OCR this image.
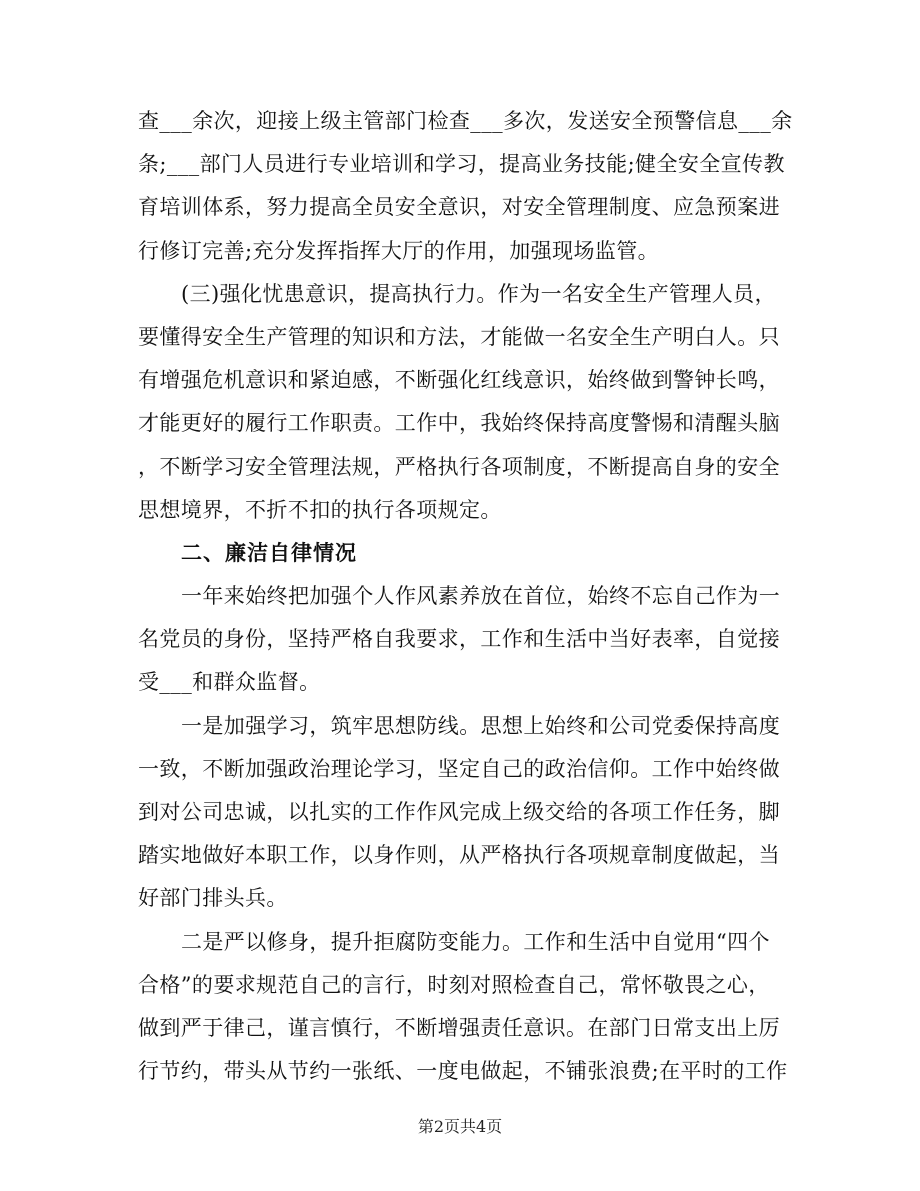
查___余次，迎接上级主管部门检查___多次，发送安全预警信息___余
条;___部门人员进行专业培训和学习，提高业务技能;健全安全宣传教
育培训体系，努力提高全员安全意识，对安全管理制度、应急预案进
行修订完善;充分发挥指挥大厅的作用，加强现场监管。
(三)强化忧患意识，提高执行力。作为一名安全生产管理人员，
要懂得安全生产管理的知识和方法，才能做一名安全生产明白人。只
有增强危机意识和紧迫感，不断强化红线意识，始终做到警钟长鸣，
才能更好的履行工作职责。工作中，我始终保持高度警惕和清醒头脑
，不断学习安全管理法规，严格执行各项制度，不断提高自身的安全
思想境界，不折不扣的执行各项规定。
二、廉洁自律情况
一年来始终把加强个人作风素养放在首位，始终不忘自己作为一
名党员的身份，坚持严格自我要求，工作和生活中当好表率，自觉接
受___和群众监督。
一是加强学习，筑牢思想防线。思想上始终和公司党委保持高度
一致，不断加强政治理论学习，坚定自己的政治信仰。工作中始终做
到对公司忠诚，以扎实的工作作风完成上级交给的各项工作任务，脚
踏实地做好本职工作，以身作则，从严格执行各项规章制度做起，当
好部门排头兵。
二是严以修身，提升拒腐防变能力。工作和生活中自觉用“四个
合格”的要求规范自己的言行，时刻对照检查自己，常怀敬畏之心，
做到严于律己，谨言慎行，不断增强责任意识。在部门日常支出上厉
行节约，带头从节约一张纸、一度电做起，不铺张浪费;在平时的工作
第2页共4页
